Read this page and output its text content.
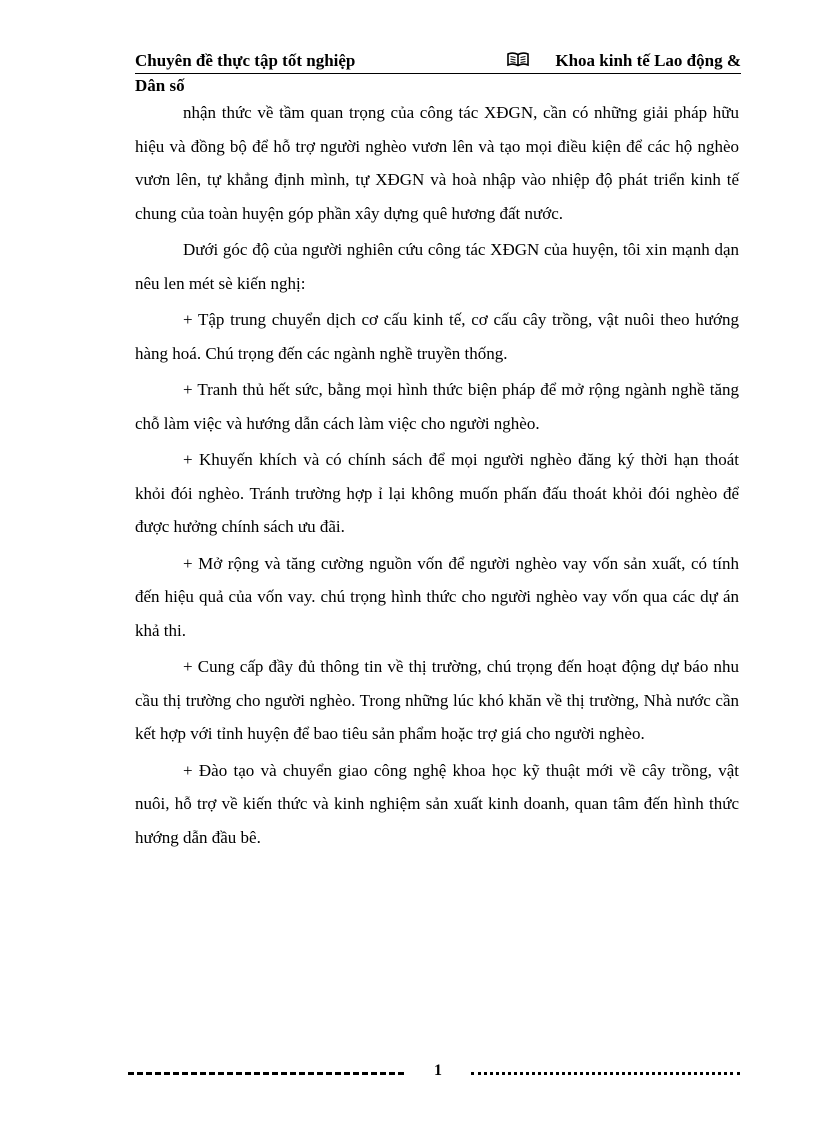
Chuyên đề thực tập tốt nghiệp	Khoa kinh tế Lao động &
Dân số

nhận thức về tầm quan trọng của công tác XĐGN, cần có những giải pháp hữu hiệu và đồng bộ để hỗ trợ người nghèo vươn lên và tạo mọi điều kiện để các hộ nghèo vươn lên, tự khẳng định mình, tự XĐGN và hoà nhập vào nhiệp độ phát triển kinh tế chung của toàn huyện góp phần xây dựng quê hương đất nước.

Dưới góc độ của người nghiên cứu công tác XĐGN của huyện, tôi xin mạnh dạn nêu len mét sè kiến nghị:

+ Tập trung chuyển dịch cơ cấu kinh tế, cơ cấu cây trồng, vật nuôi theo hướng hàng hoá. Chú trọng đến các ngành nghề truyền thống.

+ Tranh thủ hết sức, bằng mọi hình thức biện pháp để mở rộng ngành nghề tăng chỗ làm việc và hướng dẫn cách làm việc cho người nghèo.

+ Khuyến khích và có chính sách để mọi người nghèo đăng ký thời hạn thoát khỏi đói nghèo. Tránh trường hợp ỉ lại không muốn phấn đấu thoát khỏi đói nghèo để được hưởng chính sách ưu đãi.

+ Mở rộng và tăng cường nguồn vốn để người nghèo vay vốn sản xuất, có tính đến hiệu quả của vốn vay. chú trọng hình thức cho người nghèo vay vốn qua các dự án khả thi.

+ Cung cấp đầy đủ thông tin về thị trường, chú trọng đến hoạt động dự báo nhu cầu thị trường cho người nghèo. Trong những lúc khó khăn về thị trường, Nhà nước cần kết hợp với tỉnh huyện để bao tiêu sản phẩm hoặc trợ giá cho người nghèo.

+ Đào tạo và chuyển giao công nghệ khoa học kỹ thuật mới về cây trồng, vật nuôi, hỗ trợ về kiến thức và kinh nghiệm sản xuất kinh doanh, quan tâm đến hình thức hướng dẫn đầu bê.

1
